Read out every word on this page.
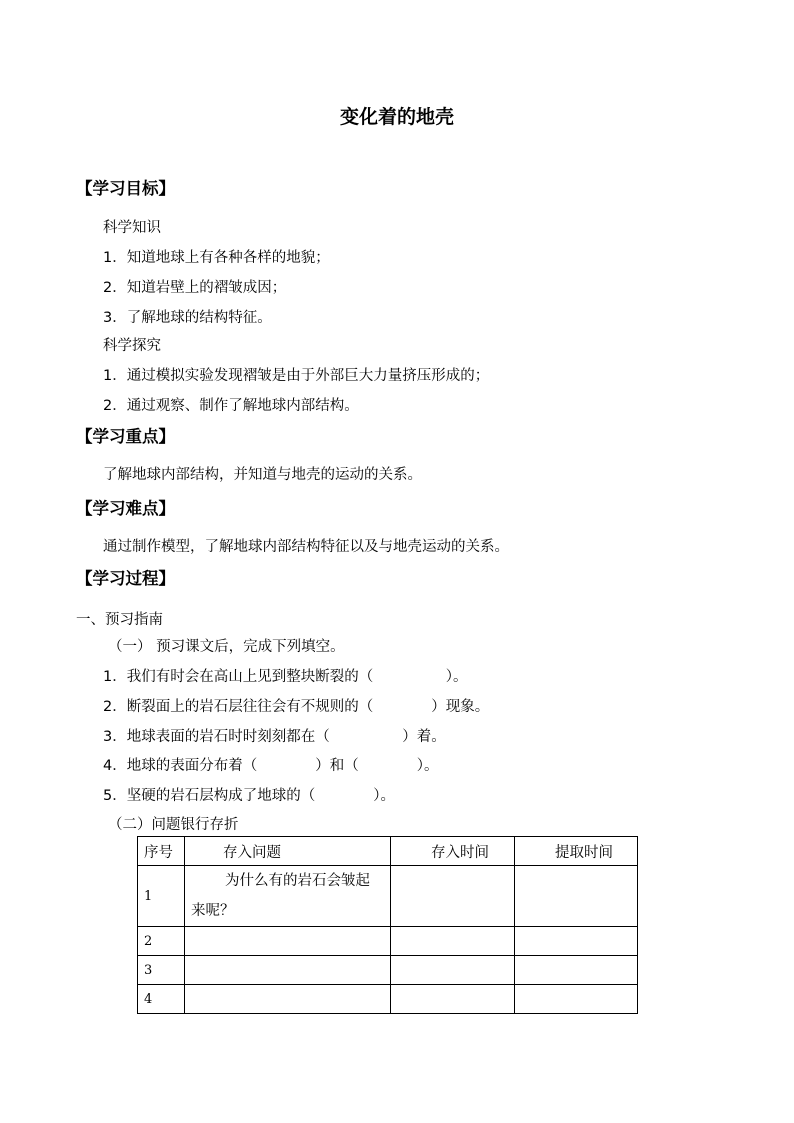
变化着的地壳
【学习目标】
科学知识
1．知道地球上有各种各样的地貌；
2．知道岩壁上的褶皱成因；
3．了解地球的结构特征。
科学探究
1．通过模拟实验发现褶皱是由于外部巨大力量挤压形成的；
2．通过观察、制作了解地球内部结构。
【学习重点】
了解地球内部结构，并知道与地壳的运动的关系。
【学习难点】
通过制作模型，了解地球内部结构特征以及与地壳运动的关系。
【学习过程】
一、预习指南
（一） 预习课文后，完成下列填空。
1．我们有时会在高山上见到整块断裂的（　　　　　）。
2．断裂面上的岩石层往往会有不规则的（　　　　）现象。
3．地球表面的岩石时时刻刻都在（　　　　　）着。
4．地球的表面分布着（　　　　）和（　　　　）。
5．坚硬的岩石层构成了地球的（　　　　）。
（二）问题银行存折
序号	存入问题	存入时间	提取时间
1	为什么有的岩石会皱起
来呢？		

2			
3			
4			
